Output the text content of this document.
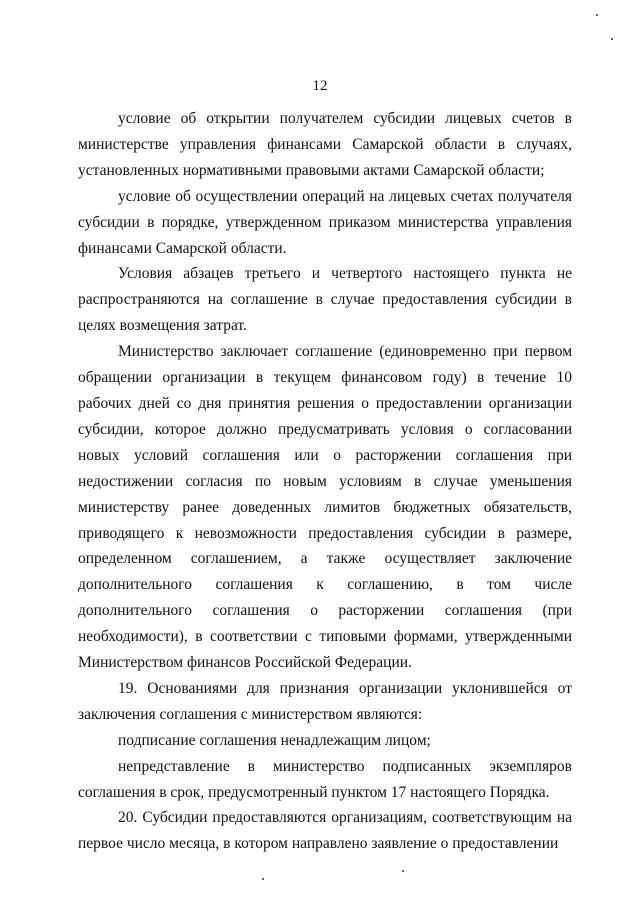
12

условие об открытии получателем субсидии лицевых счетов в министерстве управления финансами Самарской области в случаях, установленных нормативными правовыми актами Самарской области;

условие об осуществлении операций на лицевых счетах получателя субсидии в порядке, утвержденном приказом министерства управления финансами Самарской области.

Условия абзацев третьего и четвертого настоящего пункта не распространяются на соглашение в случае предоставления субсидии в целях возмещения затрат.

Министерство заключает соглашение (единовременно при первом обращении организации в текущем финансовом году) в течение 10 рабочих дней со дня принятия решения о предоставлении организации субсидии, которое должно предусматривать условия о согласовании новых условий соглашения или о расторжении соглашения при недостижении согласия по новым условиям в случае уменьшения министерству ранее доведенных лимитов бюджетных обязательств, приводящего к невозможности предоставления субсидии в размере, определенном соглашением, а также осуществляет заключение дополнительного соглашения к соглашению, в том числе дополнительного соглашения о расторжении соглашения (при необходимости), в соответствии с типовыми формами, утвержденными Министерством финансов Российской Федерации.

19. Основаниями для признания организации уклонившейся от заключения соглашения с министерством являются:

подписание соглашения ненадлежащим лицом;

непредставление в министерство подписанных экземпляров соглашения в срок, предусмотренный пунктом 17 настоящего Порядка.

20. Субсидии предоставляются организациям, соответствующим на первое число месяца, в котором направлено заявление о предоставлении
